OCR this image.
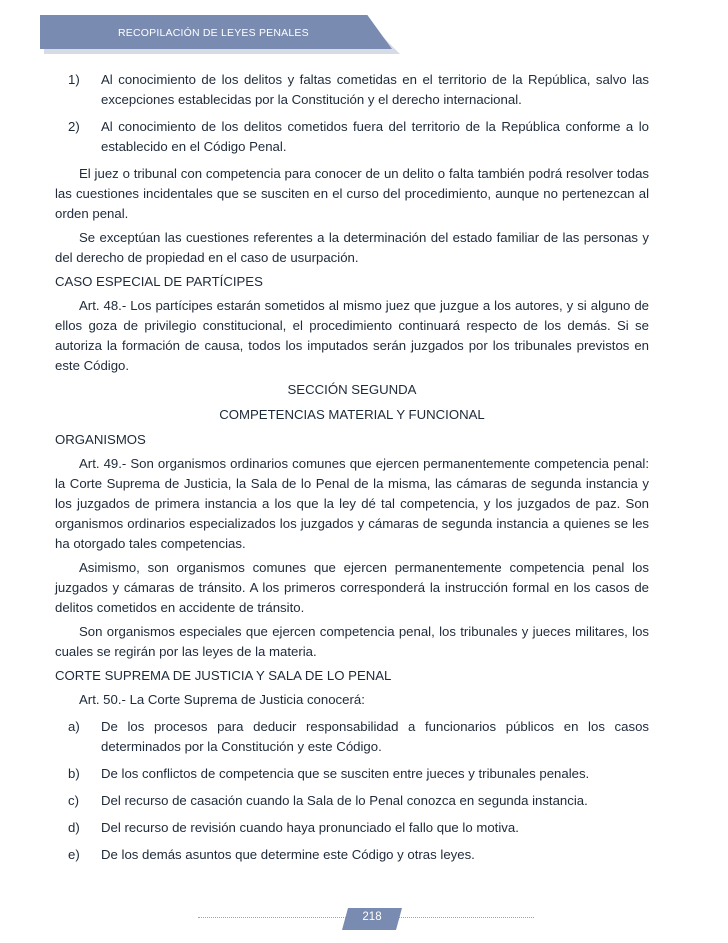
RECOPILACIÓN DE LEYES PENALES
1)	Al conocimiento de los delitos y faltas cometidas en el territorio de la República, salvo las excepciones establecidas por la Constitución y el derecho internacional.
2)	Al conocimiento de los delitos cometidos fuera del territorio de la República conforme a lo establecido en el Código Penal.

El juez o tribunal con competencia para conocer de un delito o falta también podrá resolver todas las cuestiones incidentales que se susciten en el curso del procedimiento, aunque no pertenezcan al orden penal.

Se exceptúan las cuestiones referentes a la determinación del estado familiar de las personas y del derecho de propiedad en el caso de usurpación.

CASO ESPECIAL DE PARTÍCIPES

Art. 48.- Los partícipes estarán sometidos al mismo juez que juzgue a los autores, y si alguno de ellos goza de privilegio constitucional, el procedimiento continuará respecto de los demás. Si se autoriza la formación de causa, todos los imputados serán juzgados por los tribunales previstos en este Código.

SECCIÓN SEGUNDA

COMPETENCIAS MATERIAL Y FUNCIONAL

ORGANISMOS

Art. 49.- Son organismos ordinarios comunes que ejercen permanentemente competencia penal: la Corte Suprema de Justicia, la Sala de lo Penal de la misma, las cámaras de segunda instancia y los juzgados de primera instancia a los que la ley dé tal competencia, y los juzgados de paz. Son organismos ordinarios especializados los juzgados y cámaras de segunda instancia a quienes se les ha otorgado tales competencias.

Asimismo, son organismos comunes que ejercen permanentemente competencia penal los juzgados y cámaras de tránsito. A los primeros corresponderá la instrucción formal en los casos de delitos cometidos en accidente de tránsito.

Son organismos especiales que ejercen competencia penal, los tribunales y jueces militares, los cuales se regirán por las leyes de la materia.

CORTE SUPREMA DE JUSTICIA Y SALA DE LO PENAL

Art. 50.- La Corte Suprema de Justicia conocerá:

a)	De los procesos para deducir responsabilidad a funcionarios públicos en los casos determinados por la Constitución y este Código.
b)	De los conflictos de competencia que se susciten entre jueces y tribunales penales.
c)	Del recurso de casación cuando la Sala de lo Penal conozca en segunda instancia.
d)	Del recurso de revisión cuando haya pronunciado el fallo que lo motiva.
e)	De los demás asuntos que determine este Código y otras leyes.
218
